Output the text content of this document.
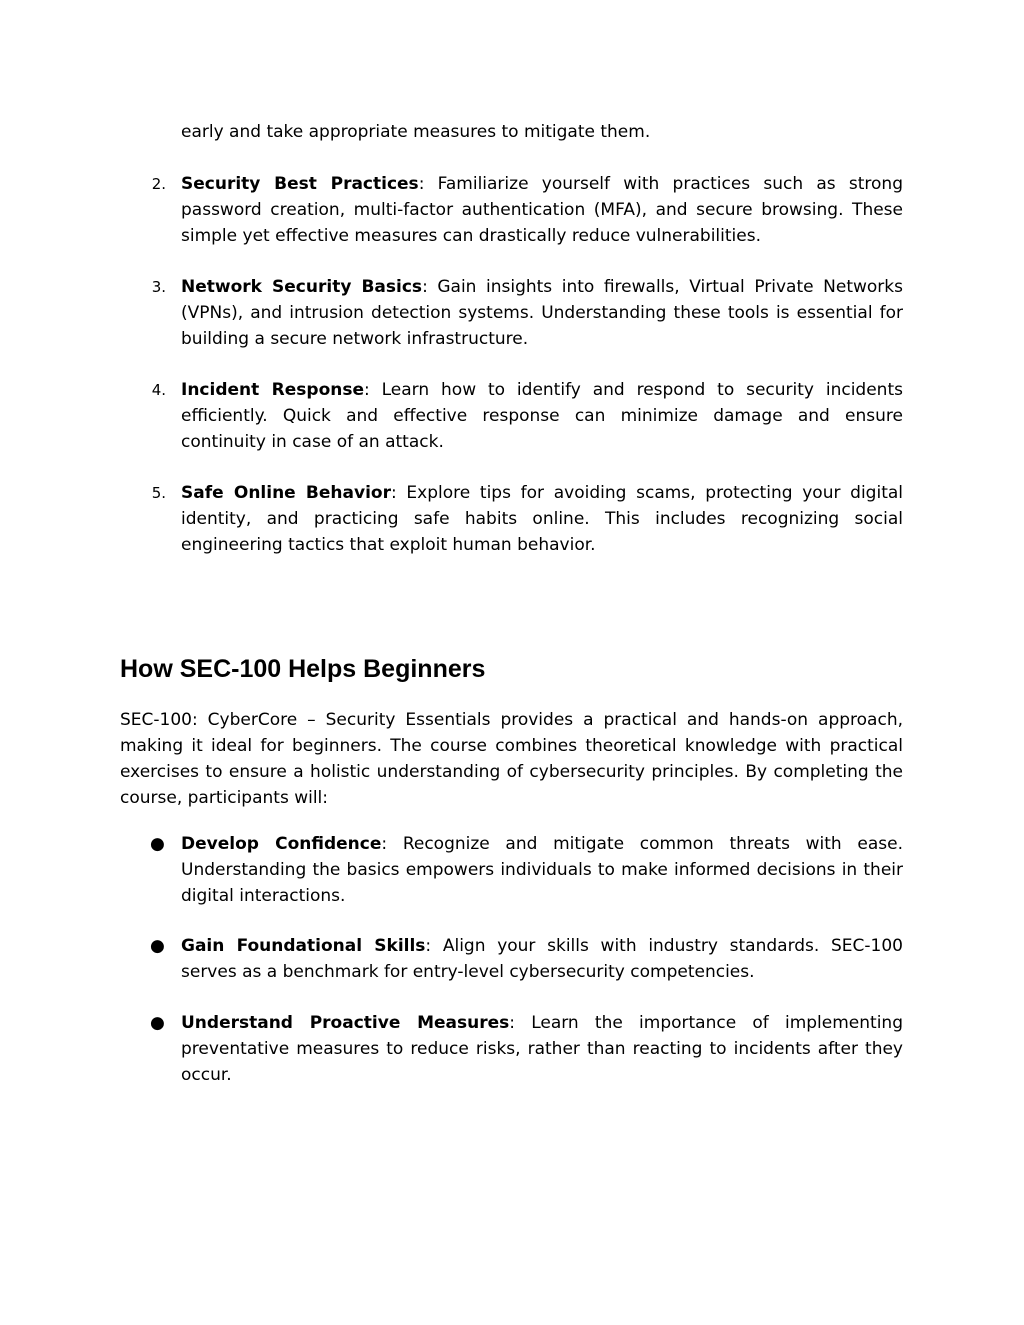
early and take appropriate measures to mitigate them.

2. Security Best Practices: Familiarize yourself with practices such as strong password creation, multi-factor authentication (MFA), and secure browsing. These simple yet effective measures can drastically reduce vulnerabilities.
3. Network Security Basics: Gain insights into firewalls, Virtual Private Networks (VPNs), and intrusion detection systems. Understanding these tools is essential for building a secure network infrastructure.
4. Incident Response: Learn how to identify and respond to security incidents efficiently. Quick and effective response can minimize damage and ensure continuity in case of an attack.
5. Safe Online Behavior: Explore tips for avoiding scams, protecting your digital identity, and practicing safe habits online. This includes recognizing social engineering tactics that exploit human behavior.
How SEC-100 Helps Beginners

SEC-100: CyberCore – Security Essentials provides a practical and hands-on approach, making it ideal for beginners. The course combines theoretical knowledge with practical exercises to ensure a holistic understanding of cybersecurity principles. By completing the course, participants will:

● Develop Confidence: Recognize and mitigate common threats with ease. Understanding the basics empowers individuals to make informed decisions in their digital interactions.
● Gain Foundational Skills: Align your skills with industry standards. SEC-100 serves as a benchmark for entry-level cybersecurity competencies.
● Understand Proactive Measures: Learn the importance of implementing preventative measures to reduce risks, rather than reacting to incidents after they occur.
